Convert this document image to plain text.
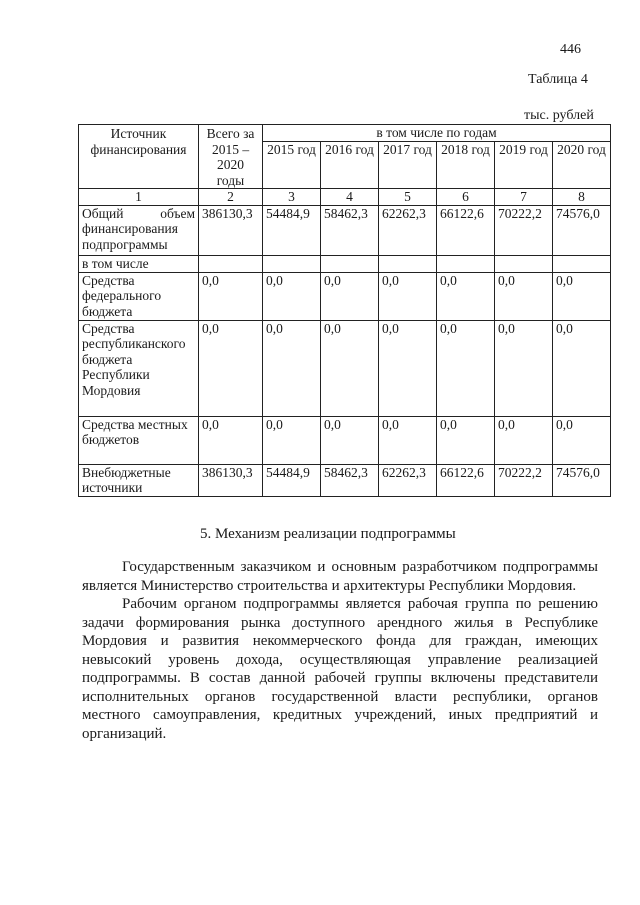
446
Таблица 4
тыс. рублей
Источник финансирования	Всего за 2015 – 2020 годы	в том числе по годам					
		2015 год	2016 год	2017 год	2018 год	2019 год	2020 год
1	2	3	4	5	6	7	8
Общий объем финансирования подпрограммы	386130,3	54484,9	58462,3	62262,3	66122,6	70222,2	74576,0
в том числе							
Средства федерального бюджета	0,0	0,0	0,0	0,0	0,0	0,0	0,0
Средства республиканского бюджета Республики Мордовия	0,0	0,0	0,0	0,0	0,0	0,0	0,0
Средства местных бюджетов	0,0	0,0	0,0	0,0	0,0	0,0	0,0
Внебюджетные источники	386130,3	54484,9	58462,3	62262,3	66122,6	70222,2	74576,0
5. Механизм реализации подпрограммы

Государственным заказчиком и основным разработчиком подпрограммы является Министерство строительства и архитектуры Республики Мордовия.

Рабочим органом подпрограммы является рабочая группа по решению задачи формирования рынка доступного арендного жилья в Республике Мордовия и развития некоммерческого фонда для граждан, имеющих невысокий уровень дохода, осуществляющая управление реализацией подпрограммы. В состав данной рабочей группы включены представители исполнительных органов государственной власти республики, органов местного самоуправления, кредитных учреждений, иных предприятий и организаций.
